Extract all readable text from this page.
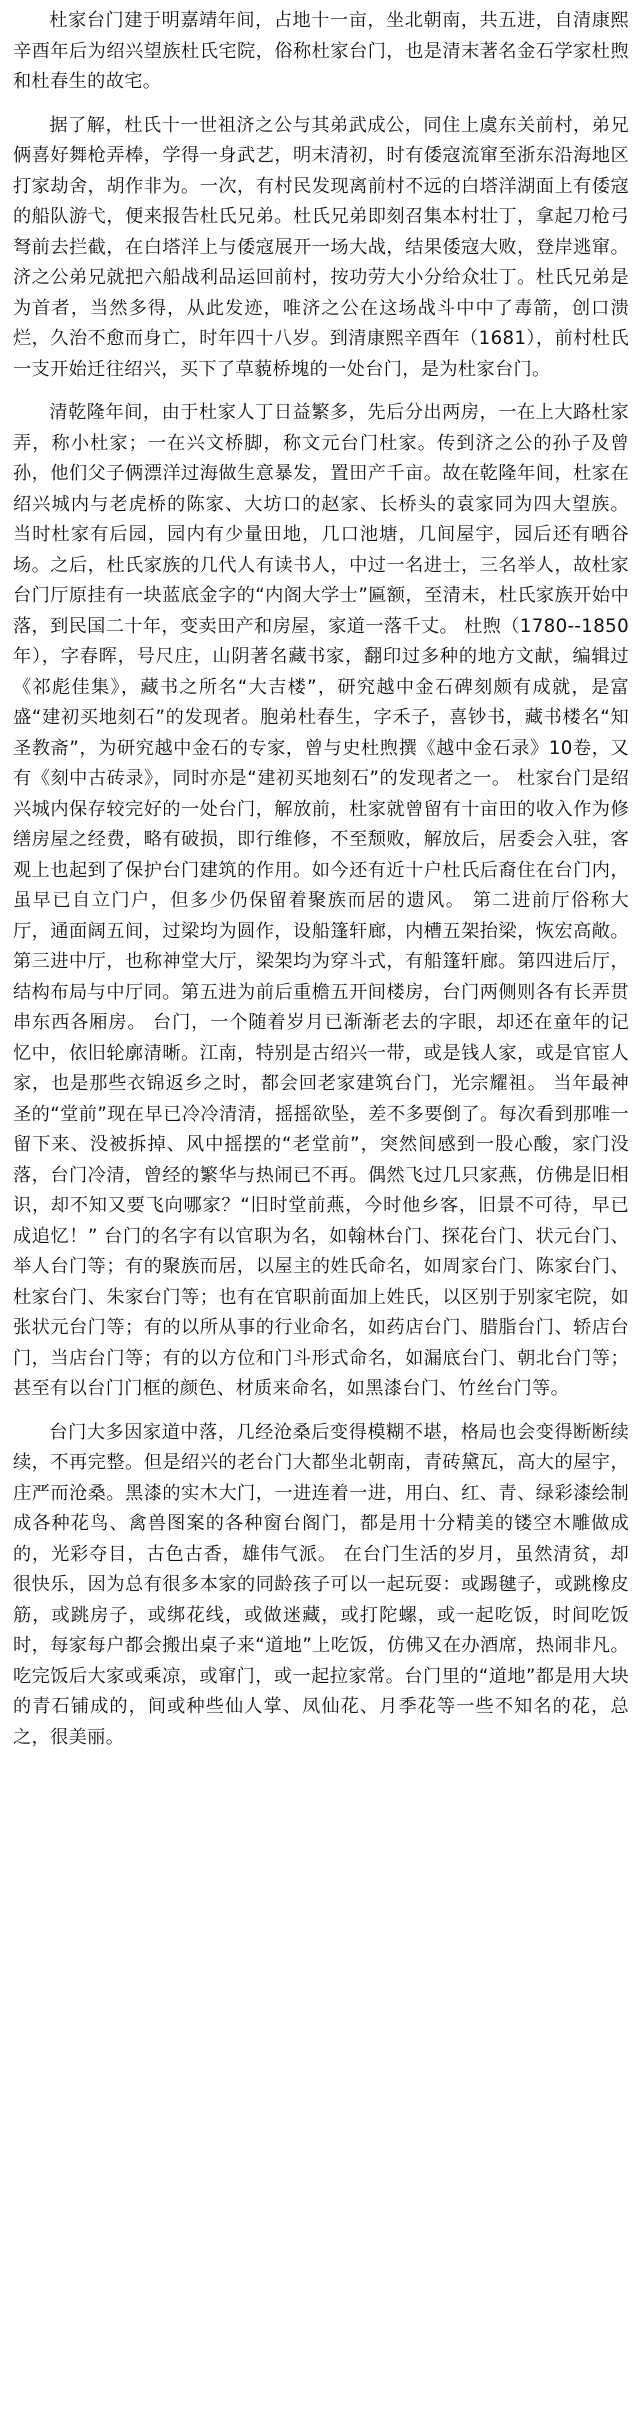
杜家台门建于明嘉靖年间，占地十一亩，坐北朝南，共五进，自清康熙辛酉年后为绍兴望族杜氏宅院，俗称杜家台门，也是清末著名金石学家杜煦和杜春生的故宅。

据了解，杜氏十一世祖济之公与其弟武成公，同住上虞东关前村，弟兄俩喜好舞枪弄棒，学得一身武艺，明末清初，时有倭寇流窜至浙东沿海地区打家劫舍，胡作非为。一次，有村民发现离前村不远的白塔洋湖面上有倭寇的船队游弋，便来报告杜氏兄弟。杜氏兄弟即刻召集本村壮丁，拿起刀枪弓弩前去拦截，在白塔洋上与倭寇展开一场大战，结果倭寇大败，登岸逃窜。济之公弟兄就把六船战利品运回前村，按功劳大小分给众壮丁。杜氏兄弟是为首者，当然多得，从此发迹，唯济之公在这场战斗中中了毒箭，创口溃烂，久治不愈而身亡，时年四十八岁。到清康熙辛酉年（1681），前村杜氏一支开始迁往绍兴，买下了草藐桥塊的一处台门，是为杜家台门。

清乾隆年间，由于杜家人丁日益繁多，先后分出两房，一在上大路杜家弄，称小杜家；一在兴文桥脚，称文元台门杜家。传到济之公的孙子及曾孙，他们父子俩漂洋过海做生意暴发，置田产千亩。故在乾隆年间，杜家在绍兴城内与老虎桥的陈家、大坊口的赵家、长桥头的袁家同为四大望族。 当时杜家有后园，园内有少量田地，几口池塘，几间屋宇，园后还有晒谷场。之后，杜氏家族的几代人有读书人，中过一名进士，三名举人，故杜家台门厅原挂有一块蓝底金字的“内阁大学士”匾额，至清末，杜氏家族开始中落，到民国二十年，变卖田产和房屋，家道一落千丈。 杜煦（1780--1850年），字春晖，号尺庄，山阴著名藏书家，翻印过多种的地方文献，编辑过《祁彪佳集》，藏书之所名“大吉楼”，研究越中金石碑刻颇有成就，是富盛“建初买地刻石”的发现者。胞弟杜春生，字禾子，喜钞书，藏书楼名“知圣教斋”，为研究越中金石的专家，曾与史杜煦撰《越中金石录》10卷，又有《刻中古砖录》，同时亦是“建初买地刻石”的发现者之一。 杜家台门是绍兴城内保存较完好的一处台门，解放前，杜家就曾留有十亩田的收入作为修缮房屋之经费，略有破损，即行维修，不至颓败，解放后，居委会入驻，客观上也起到了保护台门建筑的作用。如今还有近十户杜氏后裔住在台门内，虽早已自立门户，但多少仍保留着聚族而居的遗风。 第二进前厅俗称大厅，通面阔五间，过梁均为圆作，设船篷轩廊，内槽五架抬梁，恢宏高敞。第三进中厅，也称神堂大厅，梁架均为穿斗式，有船篷轩廊。第四进后厅，结构布局与中厅同。第五进为前后重檐五开间楼房，台门两侧则各有长弄贯串东西各厢房。 台门，一个随着岁月已渐渐老去的字眼，却还在童年的记忆中，依旧轮廓清晰。江南，特别是古绍兴一带，或是钱人家，或是官宦人家，也是那些衣锦返乡之时，都会回老家建筑台门，光宗耀祖。 当年最神圣的“堂前”现在早已冷冷清清，摇摇欲坠，差不多要倒了。每次看到那唯一留下来、没被拆掉、风中摇摆的“老堂前”，突然间感到一股心酸，家门没落，台门冷清，曾经的繁华与热闹已不再。偶然飞过几只家燕，仿佛是旧相识，却不知又要飞向哪家？“旧时堂前燕，今时他乡客，旧景不可待，早已成追忆！” 台门的名字有以官职为名，如翰林台门、探花台门、状元台门、举人台门等；有的聚族而居，以屋主的姓氏命名，如周家台门、陈家台门、杜家台门、朱家台门等；也有在官职前面加上姓氏，以区别于别家宅院，如张状元台门等；有的以所从事的行业命名，如药店台门、腊脂台门、轿店台门，当店台门等；有的以方位和门斗形式命名，如漏底台门、朝北台门等；甚至有以台门门框的颜色、材质来命名，如黑漆台门、竹丝台门等。

台门大多因家道中落，几经沧桑后变得模糊不堪，格局也会变得断断续续，不再完整。但是绍兴的老台门大都坐北朝南，青砖黛瓦，高大的屋宇，庄严而沧桑。黑漆的实木大门，一进连着一进，用白、红、青、绿彩漆绘制成各种花鸟、禽兽图案的各种窗台阁门，都是用十分精美的镂空木雕做成的，光彩夺目，古色古香，雄伟气派。 在台门生活的岁月，虽然清贫，却很快乐，因为总有很多本家的同龄孩子可以一起玩耍：或踢毽子，或跳橡皮筋，或跳房子，或绑花线，或做迷藏，或打陀螺，或一起吃饭，时间吃饭时，每家每户都会搬出桌子来“道地”上吃饭，仿佛又在办酒席，热闹非凡。吃完饭后大家或乘凉，或窜门，或一起拉家常。台门里的“道地”都是用大块的青石铺成的，间或种些仙人掌、凤仙花、月季花等一些不知名的花，总之，很美丽。
